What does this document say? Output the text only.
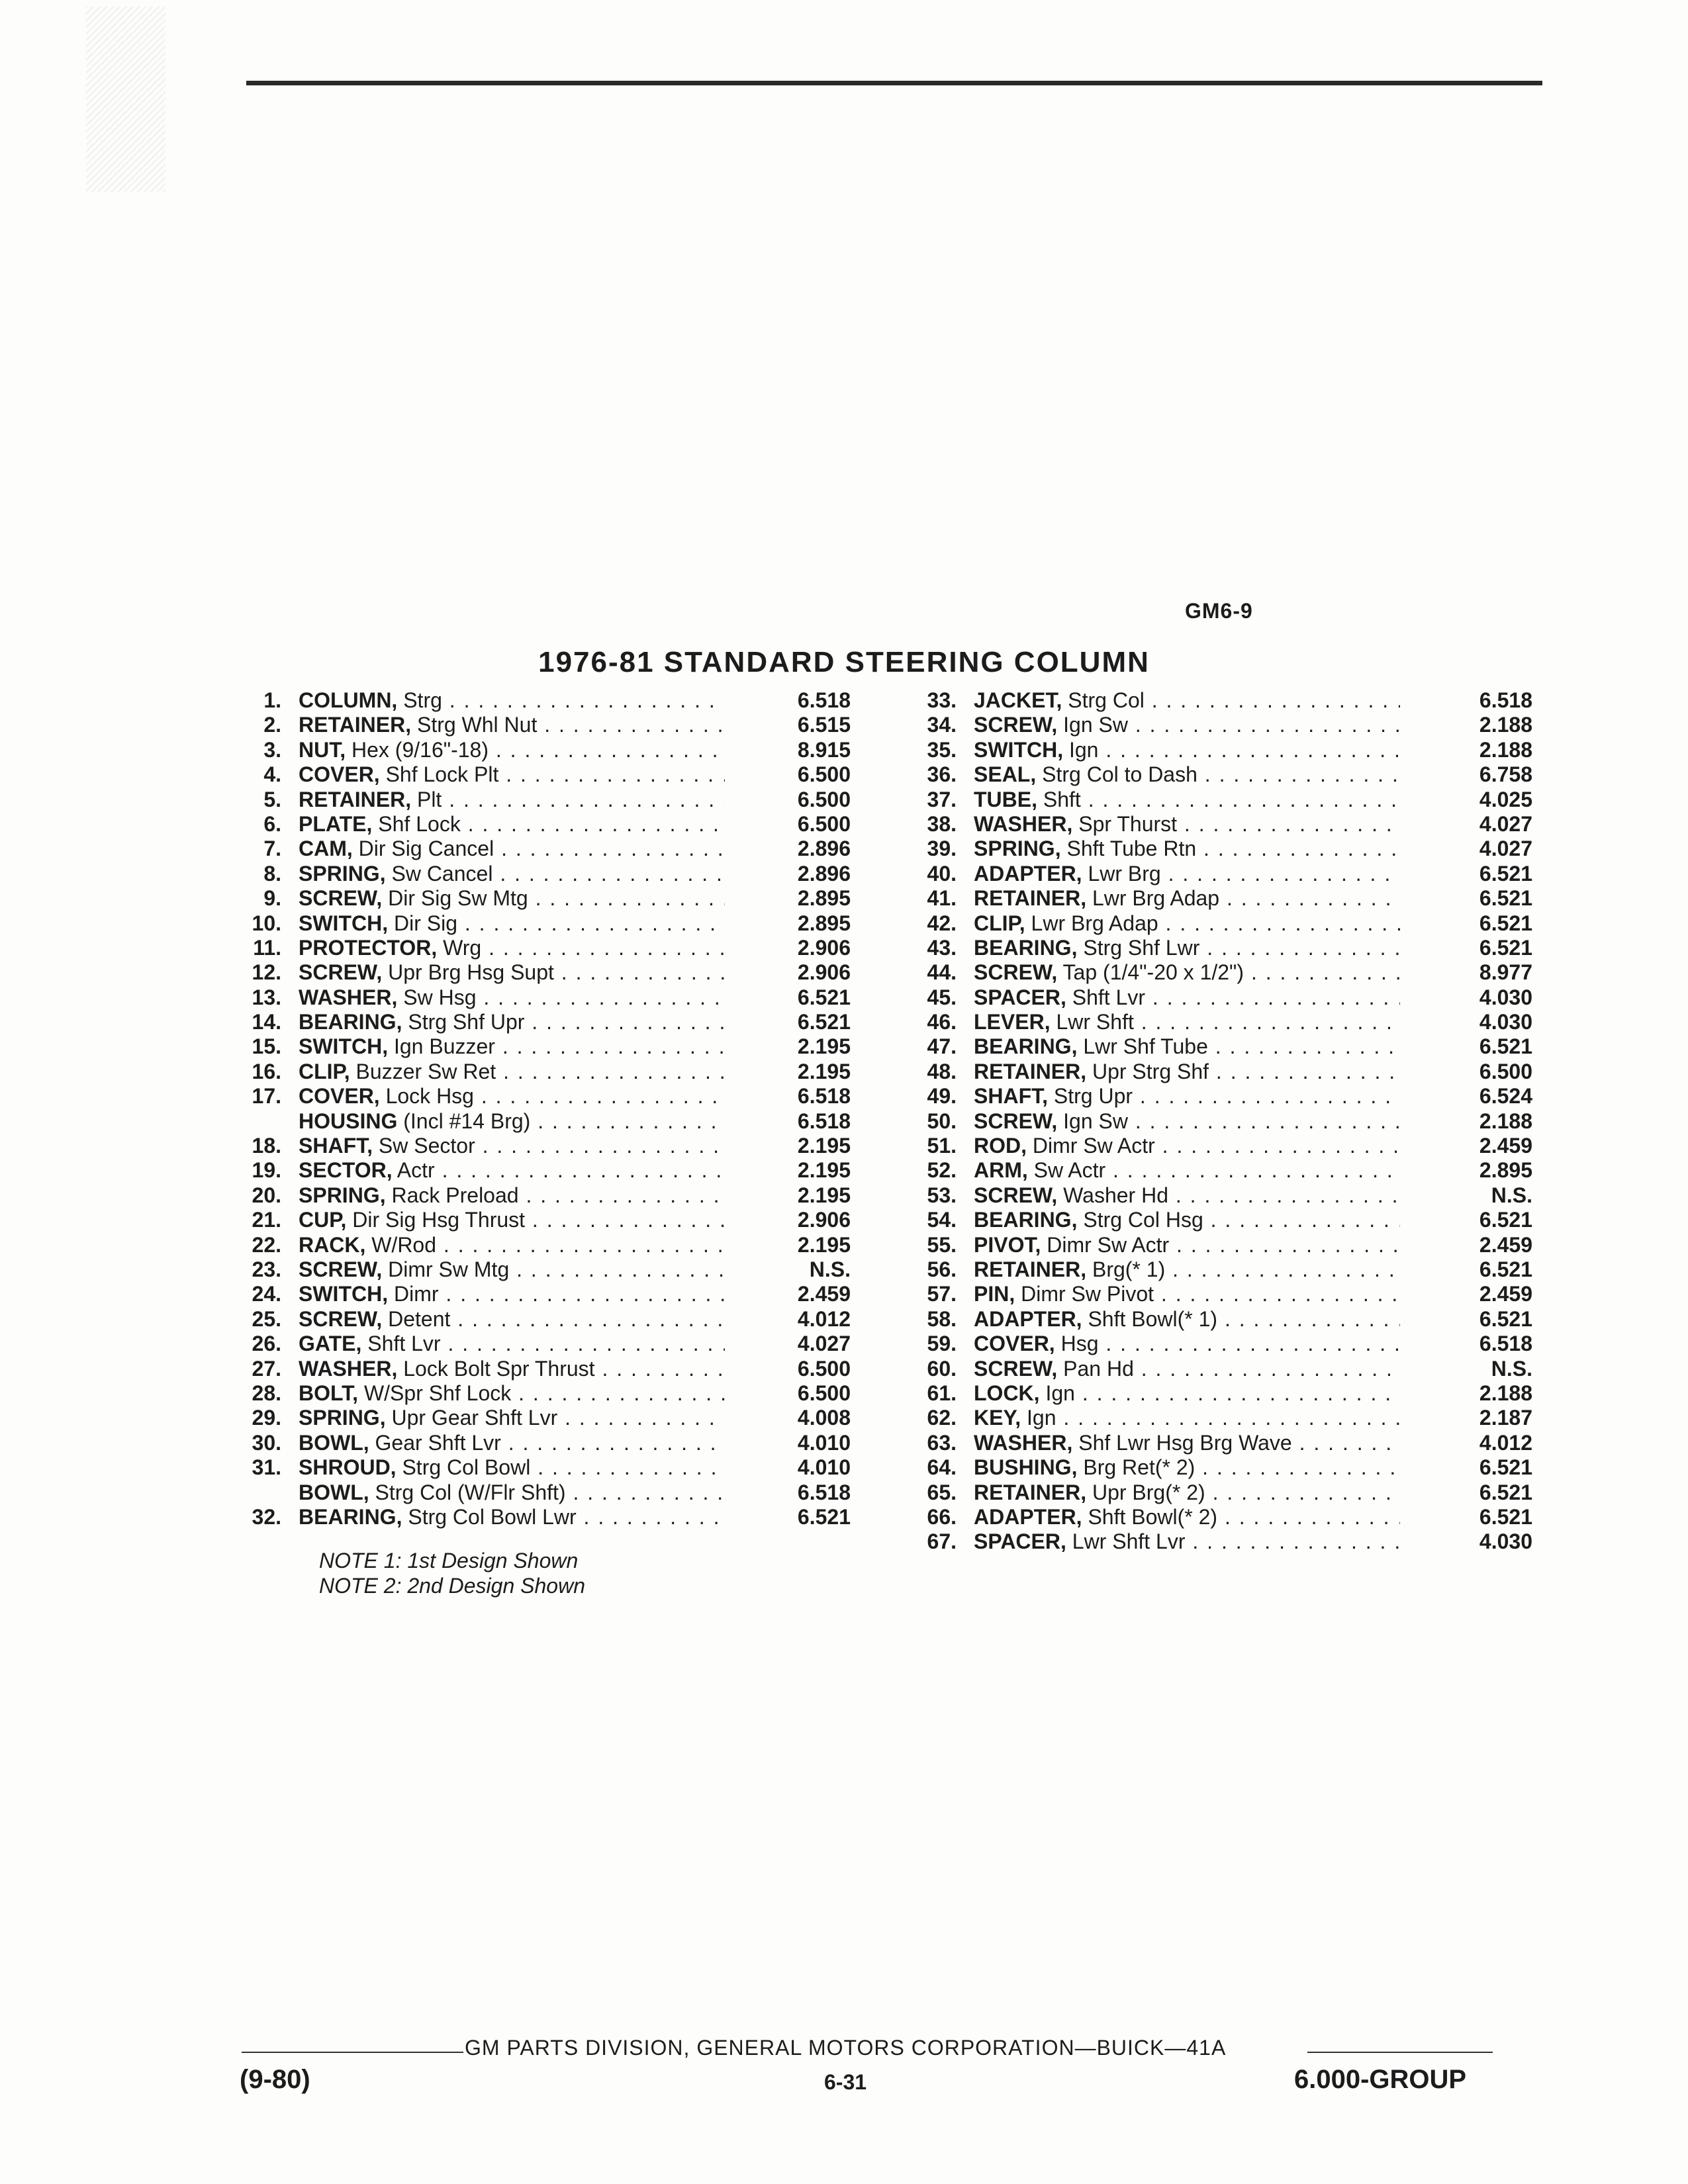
GM6-9
1976-81 STANDARD STEERING COLUMN
1. COLUMN, Strg . . .	6.518
2. RETAINER, Strg Whl Nut . . .	6.515
3. NUT, Hex (9/16"-18) . . .	8.915
4. COVER, Shf Lock Plt . . .	6.500
5. RETAINER, Plt . . .	6.500
6. PLATE, Shf Lock . . .	6.500
7. CAM, Dir Sig Cancel . . .	2.896
8. SPRING, Sw Cancel . . .	2.896
9. SCREW, Dir Sig Sw Mtg . . .	2.895
10. SWITCH, Dir Sig . . .	2.895
11. PROTECTOR, Wrg . . .	2.906
12. SCREW, Upr Brg Hsg Supt . . .	2.906
13. WASHER, Sw Hsg . . .	6.521
14. BEARING, Strg Shf Upr . . .	6.521
15. SWITCH, Ign Buzzer . . .	2.195
16. CLIP, Buzzer Sw Ret . . .	2.195
17. COVER, Lock Hsg . . .	6.518
HOUSING (Incl #14 Brg) . . .	6.518
18. SHAFT, Sw Sector . . .	2.195
19. SECTOR, Actr . . .	2.195
20. SPRING, Rack Preload . . .	2.195
21. CUP, Dir Sig Hsg Thrust . . .	2.906
22. RACK, W/Rod . . .	2.195
23. SCREW, Dimr Sw Mtg . . .	N.S.
24. SWITCH, Dimr . . .	2.459
25. SCREW, Detent . . .	4.012
26. GATE, Shft Lvr . . .	4.027
27. WASHER, Lock Bolt Spr Thrust . . .	6.500
28. BOLT, W/Spr Shf Lock . . .	6.500
29. SPRING, Upr Gear Shft Lvr . . .	4.008
30. BOWL, Gear Shft Lvr . . .	4.010
31. SHROUD, Strg Col Bowl . . .	4.010
BOWL, Strg Col (W/Flr Shft) . . .	6.518
32. BEARING, Strg Col Bowl Lwr . . .	6.521
33. JACKET, Strg Col . . .	6.518
34. SCREW, Ign Sw . . .	2.188
35. SWITCH, Ign . . .	2.188
36. SEAL, Strg Col to Dash . . .	6.758
37. TUBE, Shft . . .	4.025
38. WASHER, Spr Thurst . . .	4.027
39. SPRING, Shft Tube Rtn . . .	4.027
40. ADAPTER, Lwr Brg . . .	6.521
41. RETAINER, Lwr Brg Adap . . .	6.521
42. CLIP, Lwr Brg Adap . . .	6.521
43. BEARING, Strg Shf Lwr . . .	6.521
44. SCREW, Tap (1/4"-20 x 1/2") . . .	8.977
45. SPACER, Shft Lvr . . .	4.030
46. LEVER, Lwr Shft . . .	4.030
47. BEARING, Lwr Shf Tube . . .	6.521
48. RETAINER, Upr Strg Shf . . .	6.500
49. SHAFT, Strg Upr . . .	6.524
50. SCREW, Ign Sw . . .	2.188
51. ROD, Dimr Sw Actr . . .	2.459
52. ARM, Sw Actr . . .	2.895
53. SCREW, Washer Hd . . .	N.S.
54. BEARING, Strg Col Hsg . . .	6.521
55. PIVOT, Dimr Sw Actr . . .	2.459
56. RETAINER, Brg(* 1) . . .	6.521
57. PIN, Dimr Sw Pivot . . .	2.459
58. ADAPTER, Shft Bowl(* 1) . . .	6.521
59. COVER, Hsg . . .	6.518
60. SCREW, Pan Hd . . .	N.S.
61. LOCK, Ign . . .	2.188
62. KEY, Ign . . .	2.187
63. WASHER, Shf Lwr Hsg Brg Wave . . .	4.012
64. BUSHING, Brg Ret(* 2) . . .	6.521
65. RETAINER, Upr Brg(* 2) . . .	6.521
66. ADAPTER, Shft Bowl(* 2) . . .	6.521
67. SPACER, Lwr Shft Lvr . . .	4.030
NOTE 1: 1st Design Shown
NOTE 2: 2nd Design Shown
GM PARTS DIVISION, GENERAL MOTORS CORPORATION—BUICK—41A
(9-80)	6-31	6.000-GROUP
